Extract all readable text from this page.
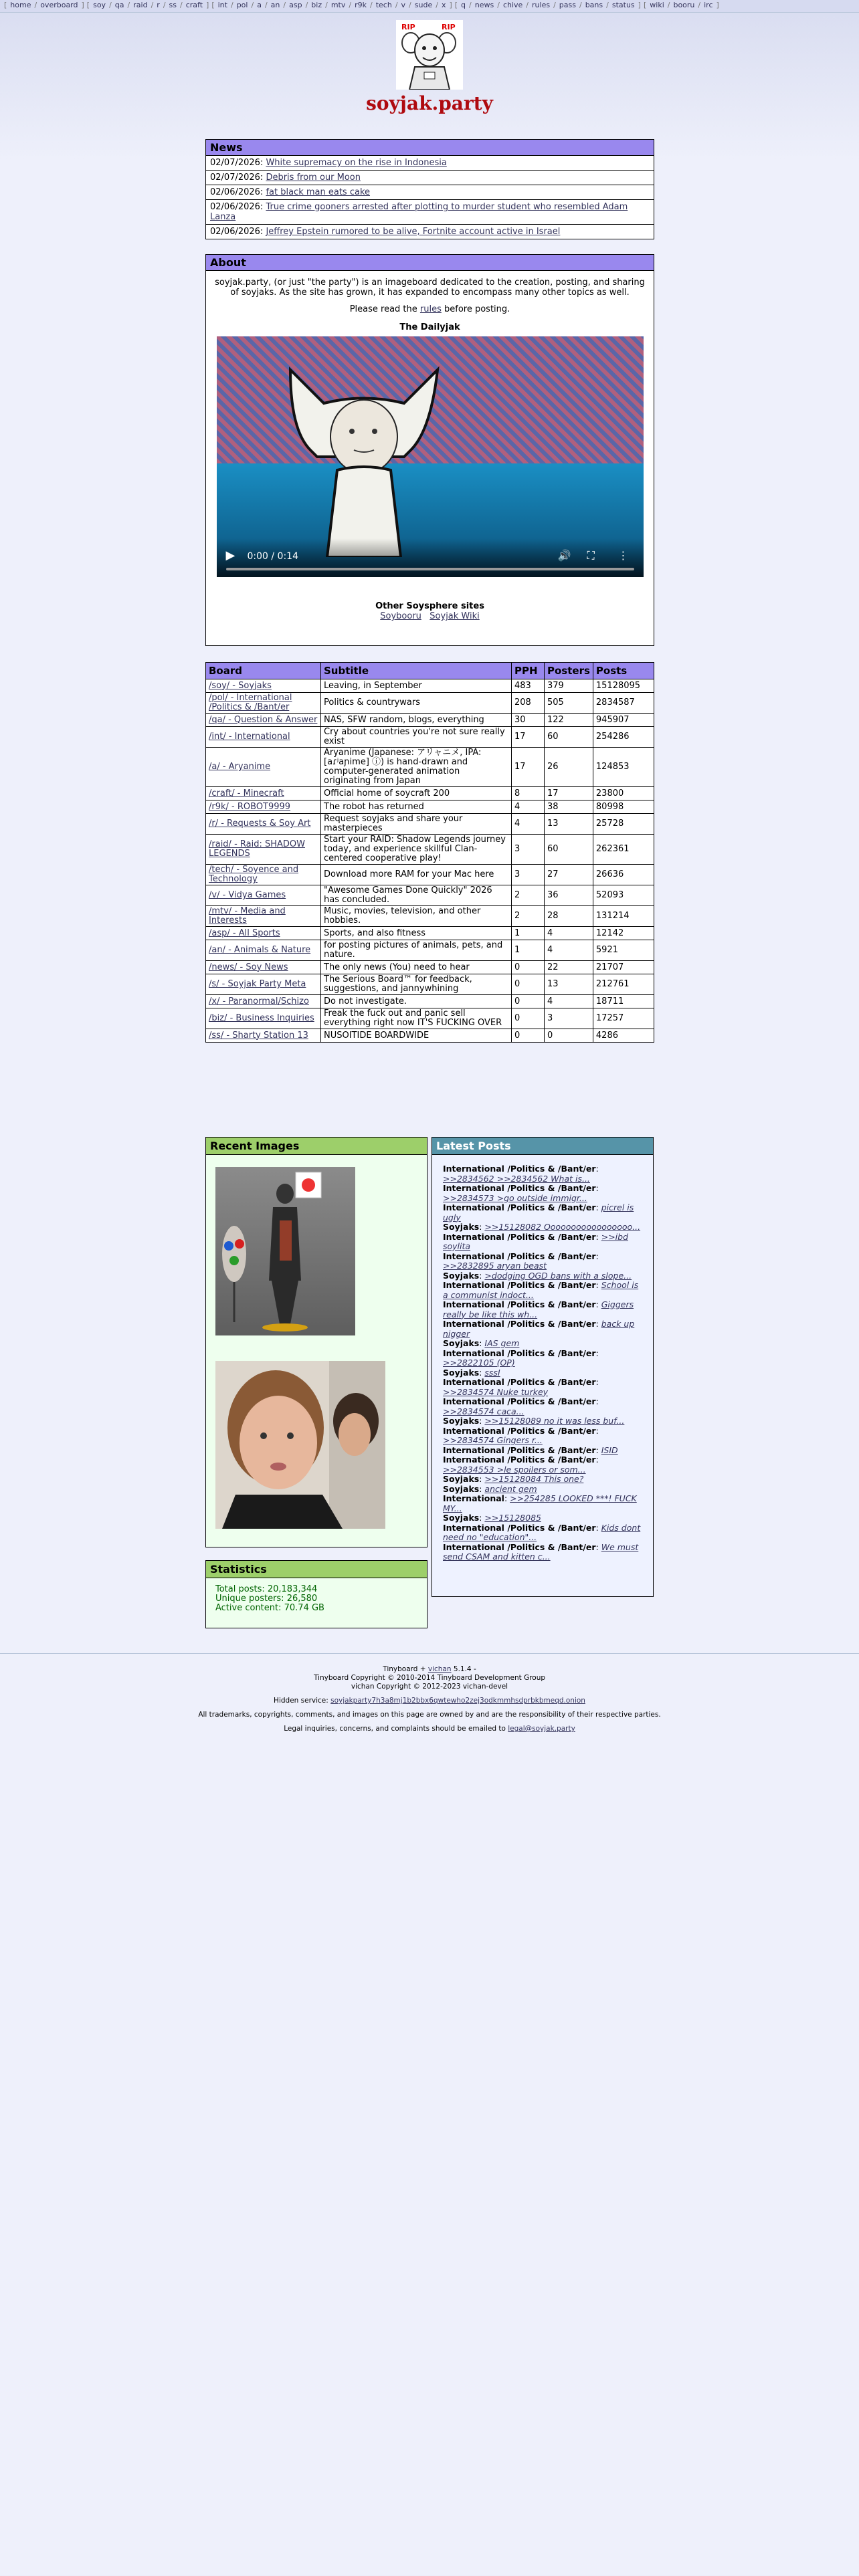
[ home / overboard ] [ soy / qa / raid / r / ss / craft ] [ int / pol / a / an / asp / biz / mtv / r9k / tech / v / sude / x ] [ q / news / chive / rules / pass / bans / status ] [ wiki / booru / irc ]
RIP	RIP
soyjak.party
News
02/07/2026: White supremacy on the rise in Indonesia
02/07/2026: Debris from our Moon
02/06/2026: fat black man eats cake
02/06/2026: True crime gooners arrested after plotting to murder student who resembled Adam Lanza
02/06/2026: Jeffrey Epstein rumored to be alive, Fortnite account active in Israel
About

soyjak.party, (or just "the party") is an imageboard dedicated to the creation, posting, and sharing of soyjaks. As the site has grown, it has expanded to encompass many other topics as well.

Please read the rules before posting.

The Dailyjak
▶ 0:00 / 0:14	🔊 ⛶ ⋮
Other Soysphere sites
Soybooru Soyjak Wiki
Board	Subtitle	PPH	Posters	Posts
/soy/ - Soyjaks	Leaving, in September	483	379	15128095
/pol/ - International /Politics & /Bant/er	Politics & countrywars	208	505	2834587
/qa/ - Question & Answer	NAS, SFW random, blogs, everything	30	122	945907
/int/ - International	Cry about countries you're not sure really exist	17	60	254286
/a/ - Aryanime	Aryanime (Japanese: アリャニメ, IPA: [aɾʲaɲime] ⓘ) is hand-drawn and computer-generated animation originating from Japan	17	26	124853
/craft/ - Minecraft	Official home of soycraft 200	8	17	23800
/r9k/ - ROBOT9999	The robot has returned	4	38	80998
/r/ - Requests & Soy Art	Request soyjaks and share your masterpieces	4	13	25728
/raid/ - Raid: SHADOW LEGENDS	Start your RAID: Shadow Legends journey today, and experience skillful Clan-centered cooperative play!	3	60	262361
/tech/ - Soyence and Technology	Download more RAM for your Mac here	3	27	26636
/v/ - Vidya Games	"Awesome Games Done Quickly" 2026 has concluded.	2	36	52093
/mtv/ - Media and Interests	Music, movies, television, and other hobbies.	2	28	131214
/asp/ - All Sports	Sports, and also fitness	1	4	12142
/an/ - Animals & Nature	for posting pictures of animals, pets, and nature.	1	4	5921
/news/ - Soy News	The only news (You) need to hear	0	22	21707
/s/ - Soyjak Party Meta	The Serious Board™ for feedback, suggestions, and jannywhining	0	13	212761
/x/ - Paranormal/Schizo	Do not investigate.	0	4	18711
/biz/ - Business Inquiries	Freak the fuck out and panic sell everything right now IT'S FUCKING OVER	0	3	17257
/ss/ - Sharty Station 13	NUSOITIDE BOARDWIDE	0	0	4286
Recent Images
Statistics
Total posts: 20,183,344
Unique posters: 26,580
Active content: 70.74 GB
Latest Posts
International /Politics & /Bant/er: >>2834562 >>2834562 What is...
International /Politics & /Bant/er: >>2834573 >go outside immigr...
International /Politics & /Bant/er: picrel is ugly
Soyjaks: >>15128082 Ooooooooooooooooo...
International /Politics & /Bant/er: >>ibd soylita
International /Politics & /Bant/er: >>2832895 aryan beast
Soyjaks: >dodging OGD bans with a slope...
International /Politics & /Bant/er: School is a communist indoct...
International /Politics & /Bant/er: Giggers really be like this wh...
International /Politics & /Bant/er: back up nigger
Soyjaks: IAS gem
International /Politics & /Bant/er: >>2822105 (OP)
Soyjaks: sssI
International /Politics & /Bant/er: >>2834574 Nuke turkey
International /Politics & /Bant/er: >>2834574 caca...
Soyjaks: >>15128089 no it was less buf...
International /Politics & /Bant/er: >>2834574 Gingers r...
International /Politics & /Bant/er: ISID
International /Politics & /Bant/er: >>2834553 >le spoilers or som...
Soyjaks: >>15128084 This one?
Soyjaks: ancient gem
International: >>254285 LOOKED ***! FUCK MY...
Soyjaks: >>15128085
International /Politics & /Bant/er: Kids dont need no "education"...
International /Politics & /Bant/er: We must send CSAM and kitten c...

Tinyboard + vichan 5.1.4 -

Tinyboard Copyright © 2010-2014 Tinyboard Development Group

vichan Copyright © 2012-2023 vichan-devel

Hidden service: soyjakparty7h3a8mj1b2bbx6qwtewho2zej3odkmmhsdprbkbmeqd.onion

All trademarks, copyrights, comments, and images on this page are owned by and are the responsibility of their respective parties.

Legal inquiries, concerns, and complaints should be emailed to legal@soyjak.party
